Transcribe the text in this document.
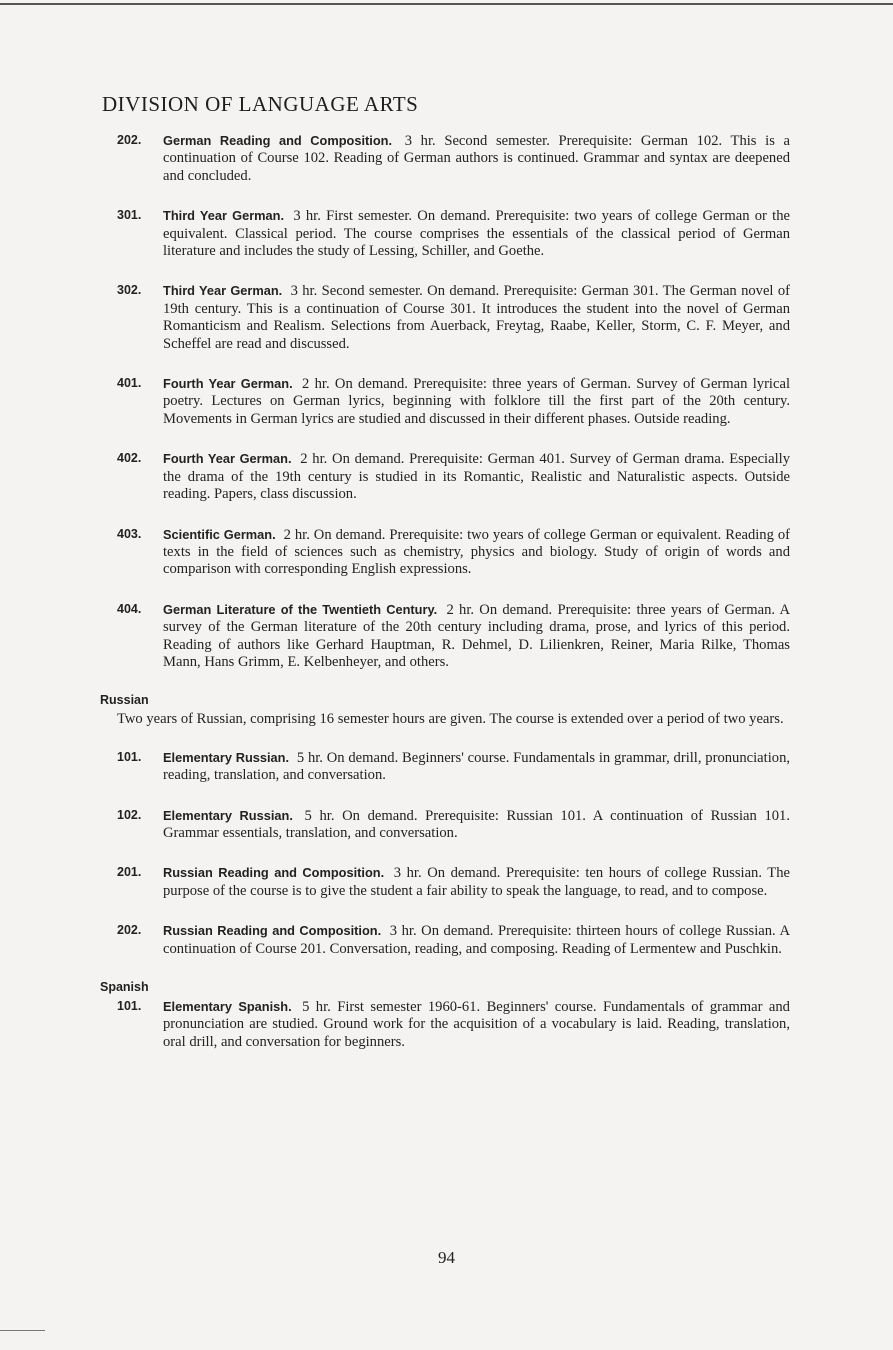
DIVISION OF LANGUAGE ARTS
202. German Reading and Composition. 3 hr. Second semester. Prerequisite: German 102. This is a continuation of Course 102. Reading of German authors is continued. Grammar and syntax are deepened and concluded.
301. Third Year German. 3 hr. First semester. On demand. Prerequisite: two years of college German or the equivalent. Classical period. The course comprises the essentials of the classical period of German literature and includes the study of Lessing, Schiller, and Goethe.
302. Third Year German. 3 hr. Second semester. On demand. Prerequisite: German 301. The German novel of 19th century. This is a continuation of Course 301. It introduces the student into the novel of German Romanticism and Realism. Selections from Auerback, Freytag, Raabe, Keller, Storm, C. F. Meyer, and Scheffel are read and discussed.
401. Fourth Year German. 2 hr. On demand. Prerequisite: three years of German. Survey of German lyrical poetry. Lectures on German lyrics, beginning with folklore till the first part of the 20th century. Movements in German lyrics are studied and discussed in their different phases. Outside reading.
402. Fourth Year German. 2 hr. On demand. Prerequisite: German 401. Survey of German drama. Especially the drama of the 19th century is studied in its Romantic, Realistic and Naturalistic aspects. Outside reading. Papers, class discussion.
403. Scientific German. 2 hr. On demand. Prerequisite: two years of college German or equivalent. Reading of texts in the field of sciences such as chemistry, physics and biology. Study of origin of words and comparison with corresponding English expressions.
404. German Literature of the Twentieth Century. 2 hr. On demand. Prerequisite: three years of German. A survey of the German literature of the 20th century including drama, prose, and lyrics of this period. Reading of authors like Gerhard Hauptman, R. Dehmel, D. Lilienkren, Reiner, Maria Rilke, Thomas Mann, Hans Grimm, E. Kelbenheyer, and others.
Russian

Two years of Russian, comprising 16 semester hours are given. The course is extended over a period of two years.

101. Elementary Russian. 5 hr. On demand. Beginners' course. Fundamentals in grammar, drill, pronunciation, reading, translation, and conversation.
102. Elementary Russian. 5 hr. On demand. Prerequisite: Russian 101. A continuation of Russian 101. Grammar essentials, translation, and conversation.
201. Russian Reading and Composition. 3 hr. On demand. Prerequisite: ten hours of college Russian. The purpose of the course is to give the student a fair ability to speak the language, to read, and to compose.
202. Russian Reading and Composition. 3 hr. On demand. Prerequisite: thirteen hours of college Russian. A continuation of Course 201. Conversation, reading, and composing. Reading of Lermentew and Puschkin.
Spanish
101. Elementary Spanish. 5 hr. First semester 1960-61. Beginners' course. Fundamentals of grammar and pronunciation are studied. Ground work for the acquisition of a vocabulary is laid. Reading, translation, oral drill, and conversation for beginners.
94
